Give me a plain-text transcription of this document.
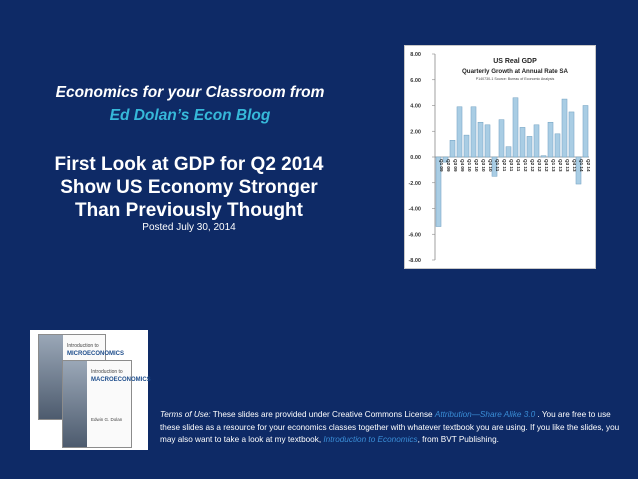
Economics for your Classroom from
Ed Dolan’s Econ Blog
First Look at GDP for Q2 2014
Show US Economy Stronger
Than Previously Thought
Posted July 30, 2014
8.00
6.00
4.00
2.00
0.00
-2.00
-4.00
-6.00
-8.00
Q1 09 Q2 09 Q3 09 Q4 09 Q1 10 Q2 10 Q3 10 Q4 10 Q1 11 Q2 11 Q3 11 Q4 11 Q1 12 Q2 12 Q3 12 Q4 12 Q1 13 Q2 13 Q3 13 Q4 13 Q1 14 Q2 14
US Real GDP
Quarterly Growth at Annual Rate SA
P140730-1 Source: Bureau of Economic Analysis
Introduction to
MICROECONOMICS
Introduction to
MACROECONOMICS
Edwin G. Dolan
Terms of Use: These slides are provided under Creative Commons License Attribution—Share Alike 3.0 . You are free to use these slides as a resource for your economics classes together with whatever textbook you are using. If you like the slides, you may also want to take a look at my textbook, Introduction to Economics, from BVT Publishing.
